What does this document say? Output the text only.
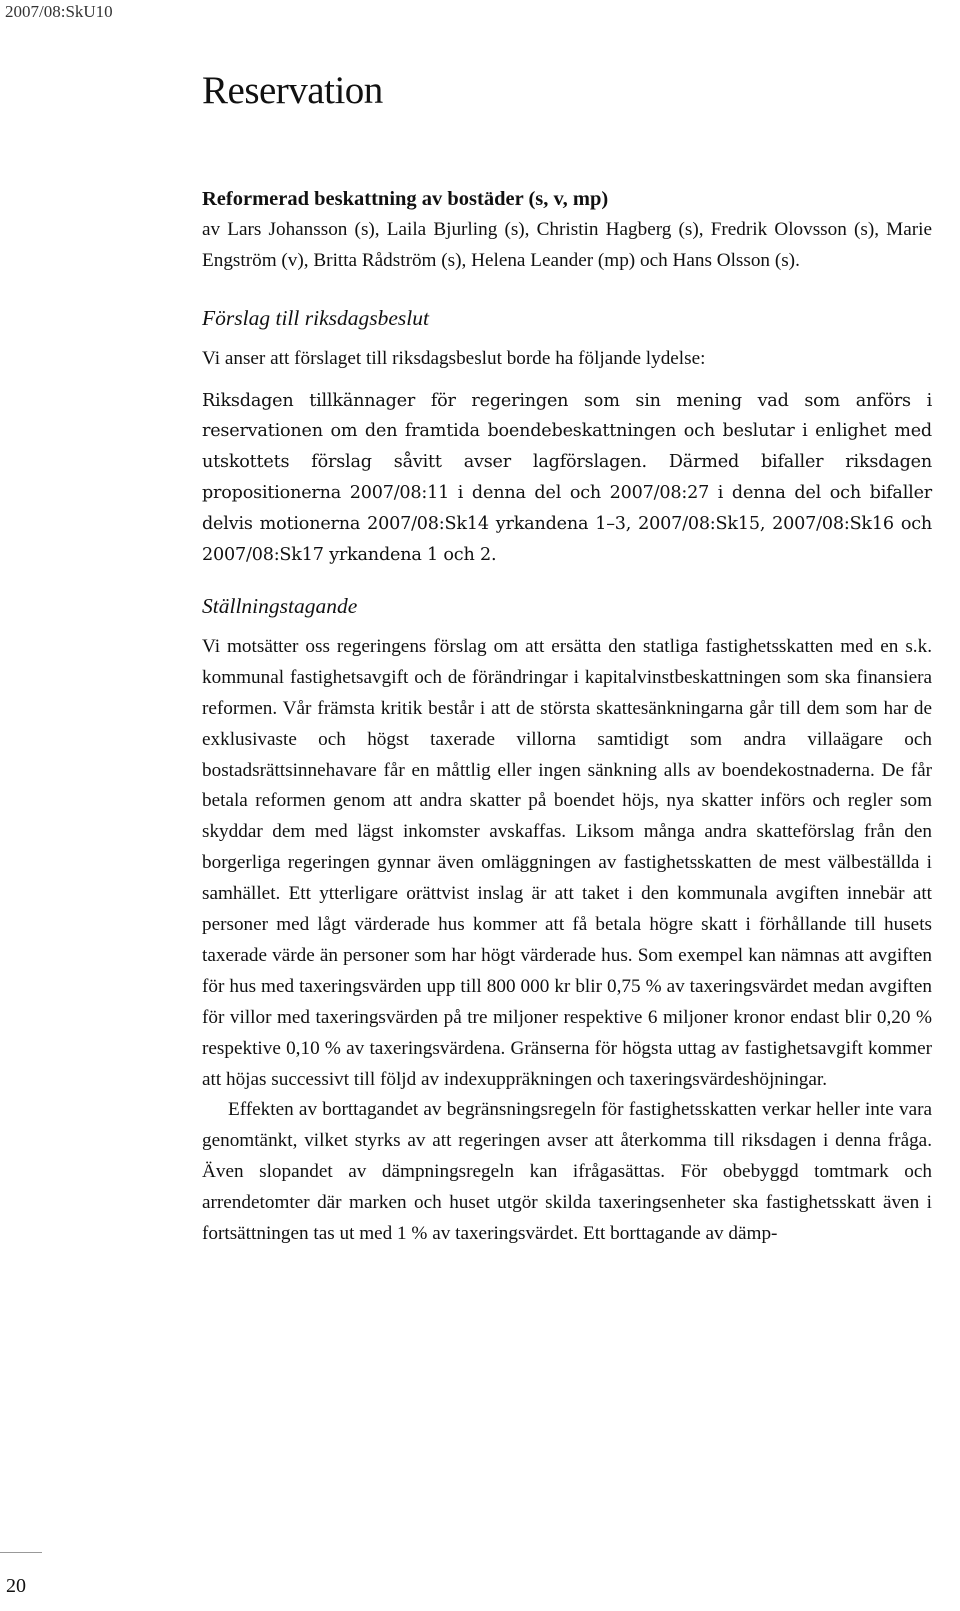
2007/08:SkU10
Reservation

Reformerad beskattning av bostäder (s, v, mp)

av Lars Johansson (s), Laila Bjurling (s), Christin Hagberg (s), Fredrik Olovsson (s), Marie Engström (v), Britta Rådström (s), Helena Leander (mp) och Hans Olsson (s).

Förslag till riksdagsbeslut

Vi anser att förslaget till riksdagsbeslut borde ha följande lydelse:

Riksdagen tillkännager för regeringen som sin mening vad som anförs i reservationen om den framtida boendebeskattningen och beslutar i enlighet med utskottets förslag såvitt avser lagförslagen. Därmed bifaller riksdagen propositionerna 2007/08:11 i denna del och 2007/08:27 i denna del och bifaller delvis motionerna 2007/08:Sk14 yrkandena 1–3, 2007/08:Sk15, 2007/08:Sk16 och 2007/08:Sk17 yrkandena 1 och 2.

Ställningstagande

Vi motsätter oss regeringens förslag om att ersätta den statliga fastighetsskatten med en s.k. kommunal fastighetsavgift och de förändringar i kapitalvinstbeskattningen som ska finansiera reformen. Vår främsta kritik består i att de största skattesänkningarna går till dem som har de exklusivaste och högst taxerade villorna samtidigt som andra villaägare och bostadsrättsinnehavare får en måttlig eller ingen sänkning alls av boendekostnaderna. De får betala reformen genom att andra skatter på boendet höjs, nya skatter införs och regler som skyddar dem med lägst inkomster avskaffas. Liksom många andra skatteförslag från den borgerliga regeringen gynnar även omläggningen av fastighetsskatten de mest välbeställda i samhället. Ett ytterligare orättvist inslag är att taket i den kommunala avgiften innebär att personer med lågt värderade hus kommer att få betala högre skatt i förhållande till husets taxerade värde än personer som har högt värderade hus. Som exempel kan nämnas att avgiften för hus med taxeringsvärden upp till 800 000 kr blir 0,75 % av taxeringsvärdet medan avgiften för villor med taxeringsvärden på tre miljoner respektive 6 miljoner kronor endast blir 0,20 % respektive 0,10 % av taxeringsvärdena. Gränserna för högsta uttag av fastighetsavgift kommer att höjas successivt till följd av indexuppräkningen och taxeringsvärdeshöjningar.

Effekten av borttagandet av begränsningsregeln för fastighetsskatten verkar heller inte vara genomtänkt, vilket styrks av att regeringen avser att återkomma till riksdagen i denna fråga. Även slopandet av dämpningsregeln kan ifrågasättas. För obebyggd tomtmark och arrendetomter där marken och huset utgör skilda taxeringsenheter ska fastighetsskatt även i fortsättningen tas ut med 1 % av taxeringsvärdet. Ett borttagande av dämp-

20
